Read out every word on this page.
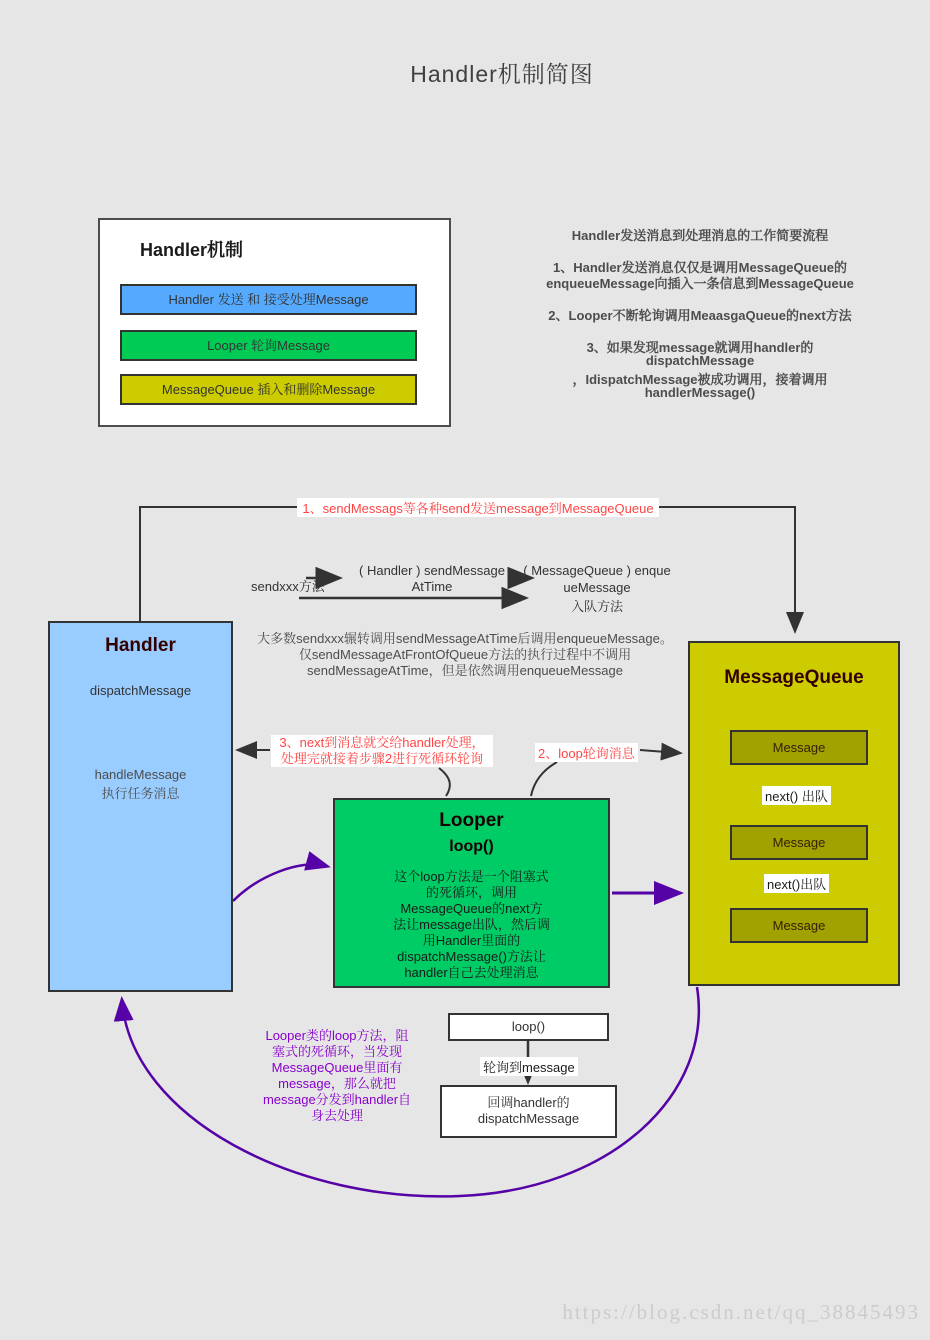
Handler机制简图
Handler机制
Handler 发送 和 接受处理Message
Looper 轮询Message
MessageQueue 插入和删除Message
Handler发送消息到处理消息的工作简要流程
1、Handler发送消息仅仅是调用MessageQueue的
enqueueMessage向插入一条信息到MessageQueue
2、Looper不断轮询调用MeaasgaQueue的next方法
3、如果发现message就调用handler的
dispatchMessage
，IdispatchMessage被成功调用，接着调用
handlerMessage()
1、sendMessags等各种send发送message到MessageQueue
sendxxx方法
( Handler ) sendMessage
AtTime
( MessageQueue ) enque
ueMessage
入队方法
大多数sendxxx辗转调用sendMessageAtTime后调用enqueueMessage。
仅sendMessageAtFrontOfQueue方法的执行过程中不调用
sendMessageAtTime，但是依然调用enqueueMessage
Handler
dispatchMessage
handleMessage
执行任务消息
Looper
loop()
这个loop方法是一个阻塞式
的死循环，调用
MessageQueue的next方
法让message出队，然后调
用Handler里面的
dispatchMessage()方法让
handler自己去处理消息
MessageQueue
Message
Message
Message
next() 出队
next()出队
3、next到消息就交给handler处理，
处理完就接着步骤2进行死循环轮询	2、loop轮询消息
loop()
轮询到message
回调handler的
dispatchMessage
Looper类的loop方法，阻
塞式的死循环，当发现
MessageQueue里面有
message，那么就把
message分发到handler自
身去处理
https://blog.csdn.net/qq_38845493
